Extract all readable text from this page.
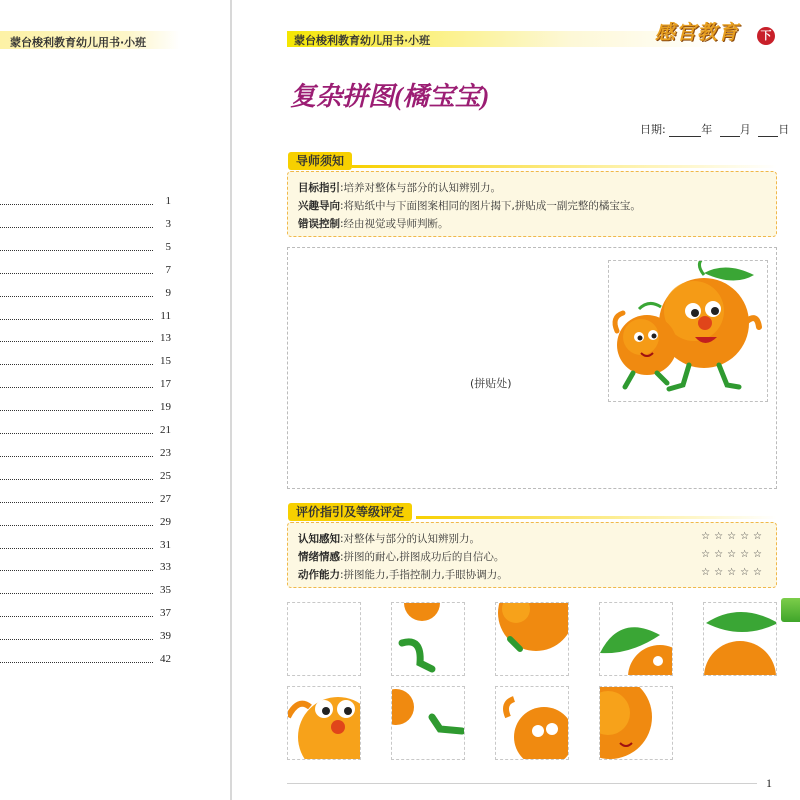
蒙台梭利教育幼儿用书·小班
1
3
5
7
9
11
13
15
17
19
21
23
25
27
29
31
33
35
37
39
42
蒙台梭利教育幼儿用书·小班	感官教育	下
复杂拼图(橘宝宝)
日期:	年	月	日
导师须知
目标指引:培养对整体与部分的认知辨别力。
兴趣导向:将贴纸中与下面图案相同的图片揭下,拼贴成一副完整的橘宝宝。
错误控制:经由视觉或导师判断。
(拼贴处)
评价指引及等级评定
认知感知:对整体与部分的认知辨别力。	☆☆☆☆☆
情绪情感:拼图的耐心,拼图成功后的自信心。	☆☆☆☆☆
动作能力:拼图能力,手指控制力,手眼协调力。	☆☆☆☆☆
1
